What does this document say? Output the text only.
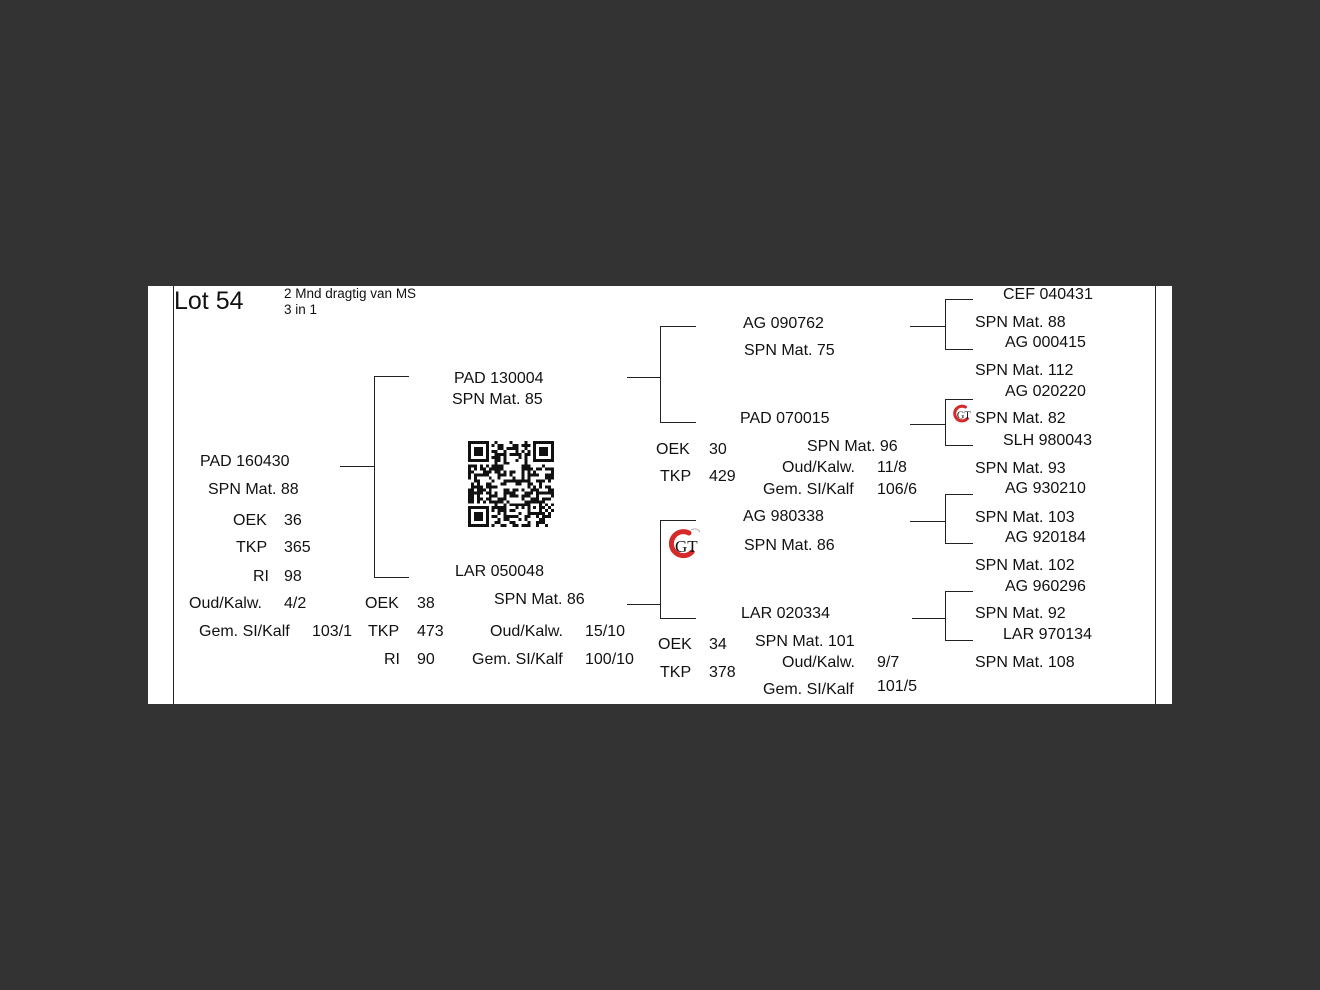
Lot 54	2 Mnd dragtig van MS
3 in 1
PAD 160430
SPN Mat. 88
OEK 36
TKP 365
RI 98
Oud/Kalw. 4/2
Gem. SI/Kalf 103/1
PAD 130004
SPN Mat. 85
LAR 050048
SPN Mat. 86
OEK 38
TKP 473
RI 90
Oud/Kalw. 15/10
Gem. SI/Kalf 100/10
AG 090762
SPN Mat. 75
PAD 070015
SPN Mat. 96
OEK 30
TKP 429
Oud/Kalw. 11/8
Gem. SI/Kalf 106/6
AG 980338
SPN Mat. 86
LAR 020334
SPN Mat. 101
OEK 34
TKP 378
Oud/Kalw. 9/7
Gem. SI/Kalf 101/5
CEF 040431
SPN Mat. 88
AG 000415
SPN Mat. 112
AG 020220
SPN Mat. 82
SLH 980043
SPN Mat. 93
AG 930210
SPN Mat. 103
AG 920184
SPN Mat. 102
AG 960296
SPN Mat. 92
LAR 970134
SPN Mat. 108
GT
GT
